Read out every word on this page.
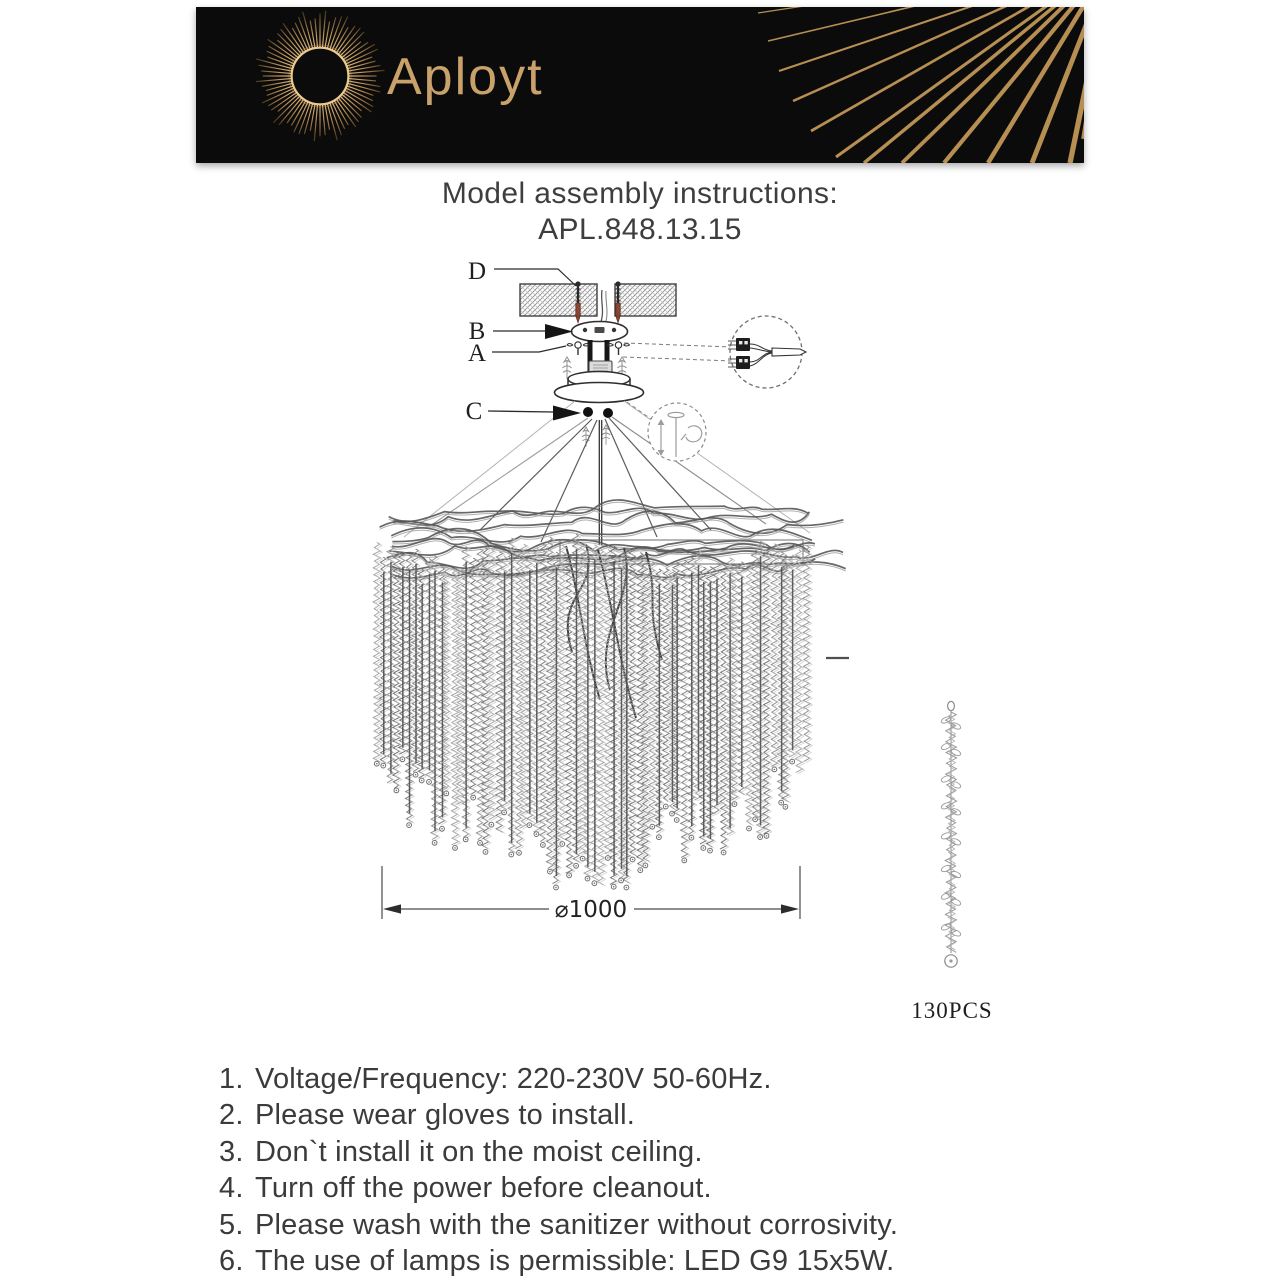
Aployt
Model assembly instructions:
APL.848.13.15
D
B
A
C
⌀1000
130PCS
1. Voltage/Frequency: 220-230V 50-60Hz.
2. Please wear gloves to install.
3. Don`t install it on the moist ceiling.
4. Turn off the power before cleanout.
5. Please wash with the sanitizer without corrosivity.
6. The use of lamps is permissible: LED G9 15x5W.
